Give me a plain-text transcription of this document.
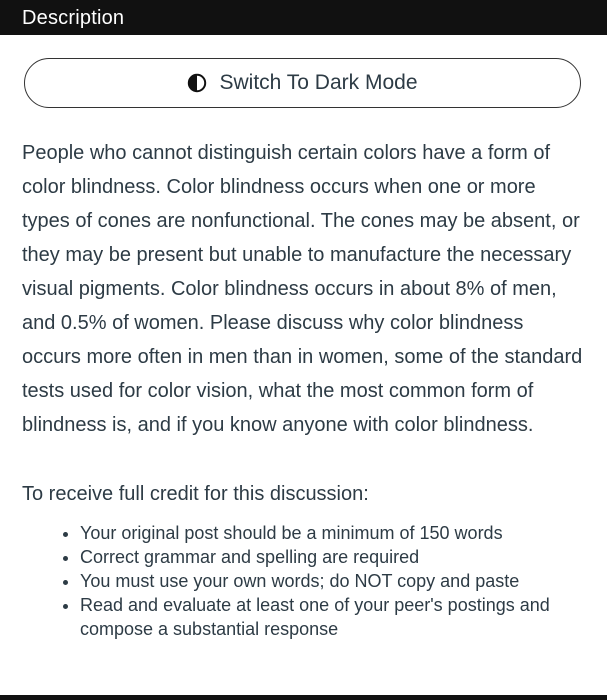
Description
Switch To Dark Mode

People who cannot distinguish certain colors have a form of color blindness. Color blindness occurs when one or more types of cones are nonfunctional. The cones may be absent, or they may be present but unable to manufacture the necessary visual pigments. Color blindness occurs in about 8% of men, and 0.5% of women. Please discuss why color blindness occurs more often in men than in women, some of the standard tests used for color vision, what the most common form of blindness is, and if you know anyone with color blindness.

To receive full credit for this discussion:

• Your original post should be a minimum of 150 words
• Correct grammar and spelling are required
• You must use your own words; do NOT copy and paste
• Read and evaluate at least one of your peer's postings and compose a substantial response
